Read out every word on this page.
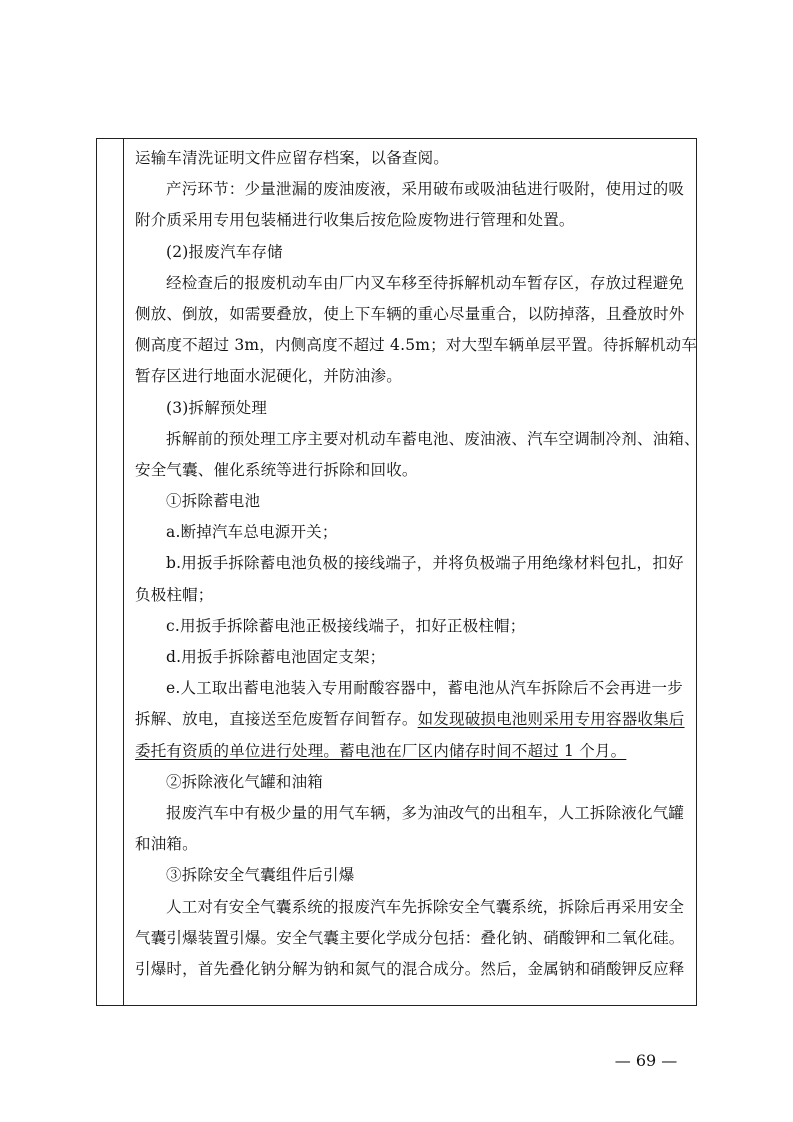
运输车清洗证明文件应留存档案，以备查阅。
产污环节：少量泄漏的废油废液，采用破布或吸油毡进行吸附，使用过的吸
附介质采用专用包装桶进行收集后按危险废物进行管理和处置。
(2)报废汽车存储
经检查后的报废机动车由厂内叉车移至待拆解机动车暂存区，存放过程避免
侧放、倒放，如需要叠放，使上下车辆的重心尽量重合，以防掉落，且叠放时外
侧高度不超过 3m，内侧高度不超过 4.5m；对大型车辆单层平置。待拆解机动车
暂存区进行地面水泥硬化，并防油渗。
(3)拆解预处理
拆解前的预处理工序主要对机动车蓄电池、废油液、汽车空调制冷剂、油箱、
安全气囊、催化系统等进行拆除和回收。
①拆除蓄电池
a.断掉汽车总电源开关；
b.用扳手拆除蓄电池负极的接线端子，并将负极端子用绝缘材料包扎，扣好
负极柱帽；
c.用扳手拆除蓄电池正极接线端子，扣好正极柱帽；
d.用扳手拆除蓄电池固定支架；
e.人工取出蓄电池装入专用耐酸容器中，蓄电池从汽车拆除后不会再进一步
拆解、放电，直接送至危废暂存间暂存。如发现破损电池则采用专用容器收集后
委托有资质的单位进行处理。蓄电池在厂区内储存时间不超过 1 个月。
②拆除液化气罐和油箱
报废汽车中有极少量的用气车辆，多为油改气的出租车，人工拆除液化气罐
和油箱。
③拆除安全气囊组件后引爆
人工对有安全气囊系统的报废汽车先拆除安全气囊系统，拆除后再采用安全
气囊引爆装置引爆。安全气囊主要化学成分包括：叠化钠、硝酸钾和二氧化硅。
引爆时，首先叠化钠分解为钠和氮气的混合成分。然后，金属钠和硝酸钾反应释
— 69 —
